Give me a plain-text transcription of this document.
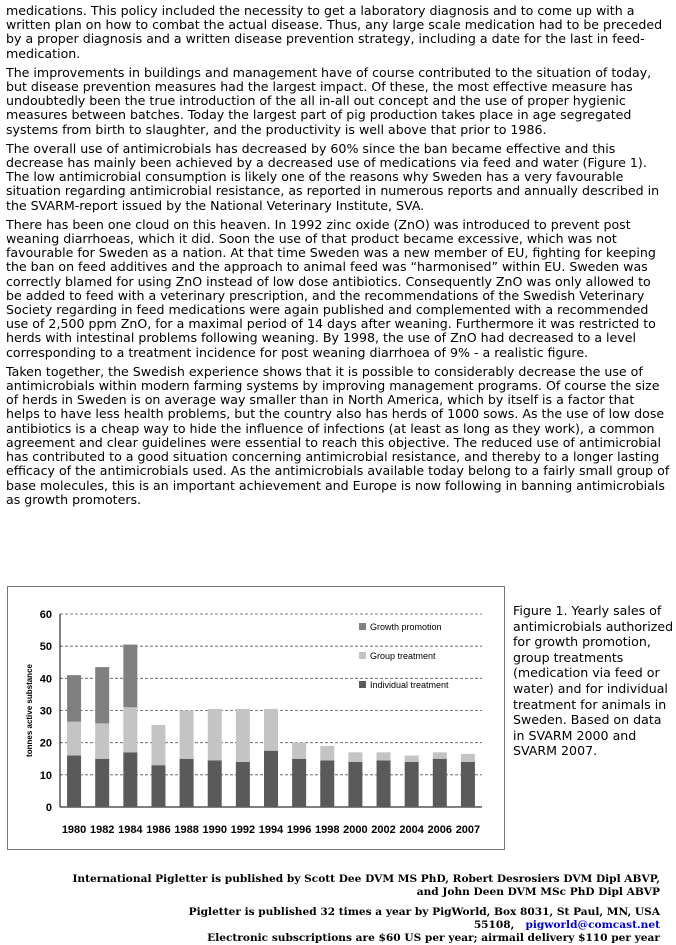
medications. This policy included the necessity to get a laboratory diagnosis and to come up with a written plan on how to combat the actual disease. Thus, any large scale medication had to be preceded by a proper diagnosis and a written disease prevention strategy, including a date for the last in feed-medication.

The improvements in buildings and management have of course contributed to the situation of today, but disease prevention measures had the largest impact. Of these, the most effective measure has undoubtedly been the true introduction of the all in-all out concept and the use of proper hygienic measures between batches. Today the largest part of pig production takes place in age segregated systems from birth to slaughter, and the productivity is well above that prior to 1986.

The overall use of antimicrobials has decreased by 60% since the ban became effective and this decrease has mainly been achieved by a decreased use of medications via feed and water (Figure 1). The low antimicrobial consumption is likely one of the reasons why Sweden has a very favourable situation regarding antimicrobial resistance, as reported in numerous reports and annually described in the SVARM-report issued by the National Veterinary Institute, SVA.

There has been one cloud on this heaven. In 1992 zinc oxide (ZnO) was introduced to prevent post weaning diarrhoeas, which it did. Soon the use of that product became excessive, which was not favourable for Sweden as a nation. At that time Sweden was a new member of EU, fighting for keeping the ban on feed additives and the approach to animal feed was “harmonised” within EU. Sweden was correctly blamed for using ZnO instead of low dose antibiotics. Consequently ZnO was only allowed to be added to feed with a veterinary prescription, and the recommendations of the Swedish Veterinary Society regarding in feed medications were again published and complemented with a recommended use of 2,500 ppm ZnO, for a maximal period of 14 days after weaning. Furthermore it was restricted to herds with intestinal problems following weaning. By 1998, the use of ZnO had decreased to a level corresponding to a treatment incidence for post weaning diarrhoea of 9% - a realistic figure.

Taken together, the Swedish experience shows that it is possible to considerably decrease the use of antimicrobials within modern farming systems by improving management programs. Of course the size of herds in Sweden is on average way smaller than in North America, which by itself is a factor that helps to have less health problems, but the country also has herds of 1000 sows. As the use of low dose antibiotics is a cheap way to hide the influence of infections (at least as long as they work), a common agreement and clear guidelines were essential to reach this objective. The reduced use of antimicrobial has contributed to a good situation concerning antimicrobial resistance, and thereby to a longer lasting efficacy of the antimicrobials used. As the antimicrobials available today belong to a fairly small group of base molecules, this is an important achievement and Europe is now following in banning antimicrobials as growth promoters.

0
10
20
30
40
50
60
tonnes active substance
1980 1982 1984 1986 1988 1990 1992 1994 1996 1998 2000 2002 2004 2006 2007
Growth promotion
Group treatment
Individual treatment
Figure 1. Yearly sales of antimicrobials authorized for growth promotion, group treatments (medication via feed or water) and for individual treatment for animals in Sweden. Based on data in SVARM 2000 and SVARM 2007.
International Pigletter is published by Scott Dee DVM MS PhD, Robert Desrosiers DVM Dipl ABVP,
and John Deen DVM MSc PhD Dipl ABVP
Pigletter is published 32 times a year by PigWorld, Box 8031, St Paul, MN, USA 55108, pigworld@comcast.net
Electronic subscriptions are $60 US per year; airmail delivery $110 per year
